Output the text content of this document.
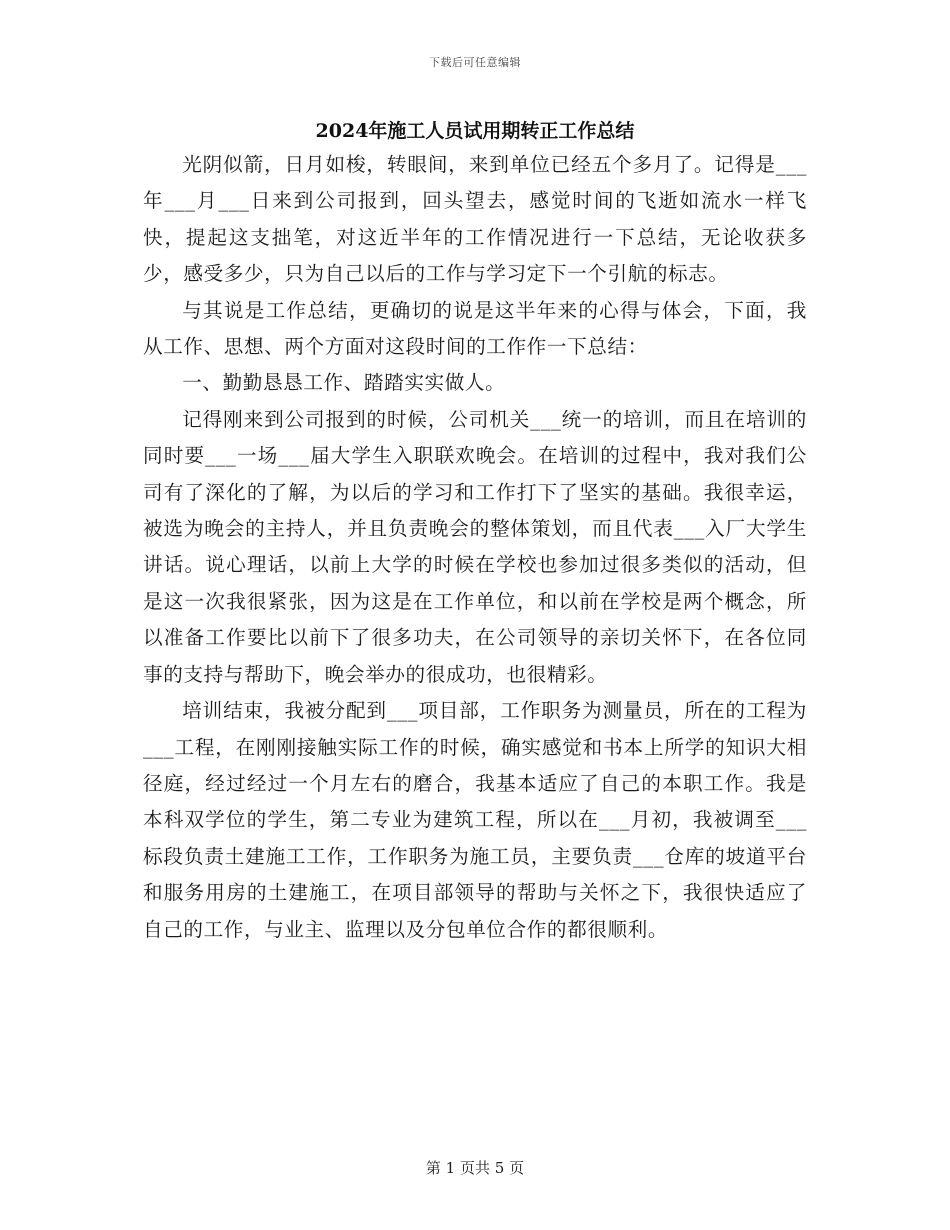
下载后可任意编辑
2024年施工人员试用期转正工作总结

光阴似箭，日月如梭，转眼间，来到单位已经五个多月了。记得是___年___月___日来到公司报到，回头望去，感觉时间的飞逝如流水一样飞快，提起这支拙笔，对这近半年的工作情况进行一下总结，无论收获多少，感受多少，只为自己以后的工作与学习定下一个引航的标志。

与其说是工作总结，更确切的说是这半年来的心得与体会，下面，我从工作、思想、两个方面对这段时间的工作作一下总结：

一、勤勤恳恳工作、踏踏实实做人。

记得刚来到公司报到的时候，公司机关___统一的培训，而且在培训的同时要___一场___届大学生入职联欢晚会。在培训的过程中，我对我们公司有了深化的了解，为以后的学习和工作打下了坚实的基础。我很幸运，被选为晚会的主持人，并且负责晚会的整体策划，而且代表___入厂大学生讲话。说心理话，以前上大学的时候在学校也参加过很多类似的活动，但是这一次我很紧张，因为这是在工作单位，和以前在学校是两个概念，所以准备工作要比以前下了很多功夫，在公司领导的亲切关怀下，在各位同事的支持与帮助下，晚会举办的很成功，也很精彩。

培训结束，我被分配到___项目部，工作职务为测量员，所在的工程为___工程，在刚刚接触实际工作的时候，确实感觉和书本上所学的知识大相径庭，经过经过一个月左右的磨合，我基本适应了自己的本职工作。我是本科双学位的学生，第二专业为建筑工程，所以在___月初，我被调至___标段负责土建施工工作，工作职务为施工员，主要负责___仓库的坡道平台和服务用房的土建施工，在项目部领导的帮助与关怀之下，我很快适应了自己的工作，与业主、监理以及分包单位合作的都很顺利。

第 1 页共 5 页
